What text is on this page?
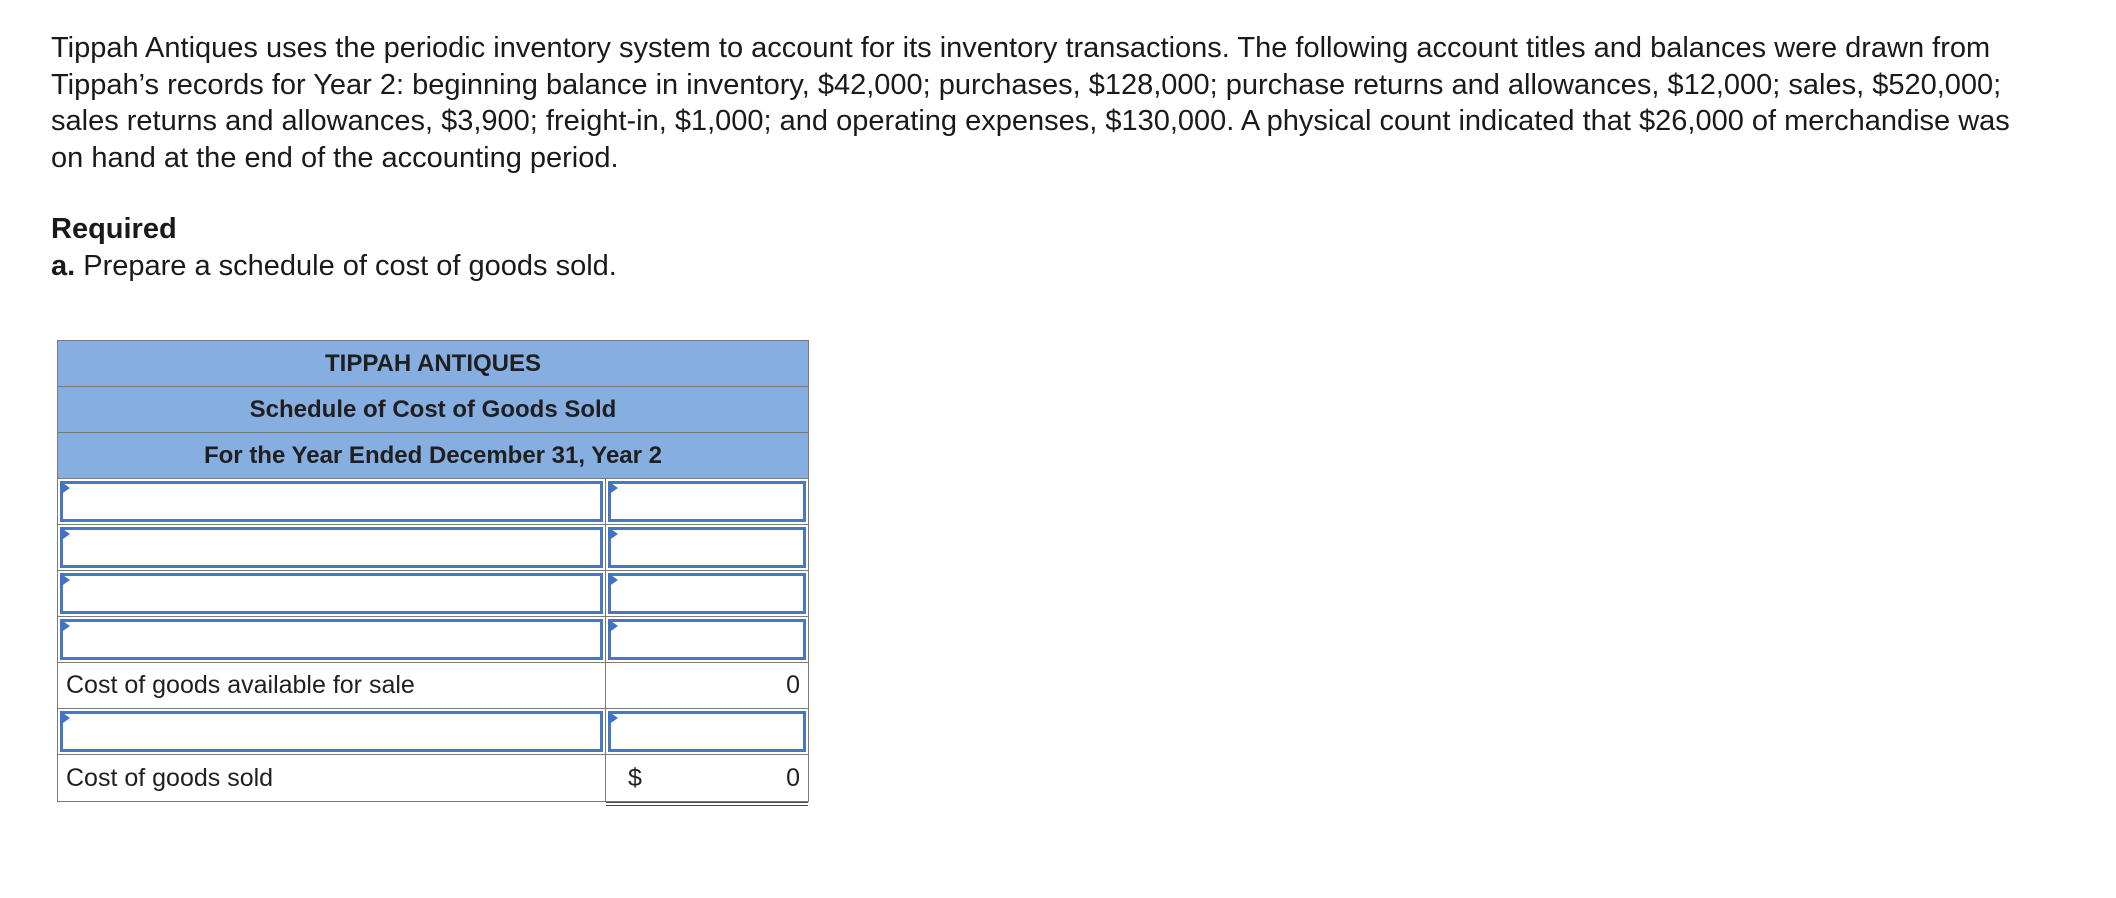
Tippah Antiques uses the periodic inventory system to account for its inventory transactions. The following account titles and balances were drawn from Tippah’s records for Year 2: beginning balance in inventory, $42,000; purchases, $128,000; purchase returns and allowances, $12,000; sales, $520,000; sales returns and allowances, $3,900; freight-in, $1,000; and operating expenses, $130,000. A physical count indicated that $26,000 of merchandise was on hand at the end of the accounting period.

Required

a. Prepare a schedule of cost of goods sold.

TIPPAH ANTIQUES
Schedule of Cost of Goods Sold
For the Year Ended December 31, Year 2
Cost of goods available for sale	0
Cost of goods sold	$	0
